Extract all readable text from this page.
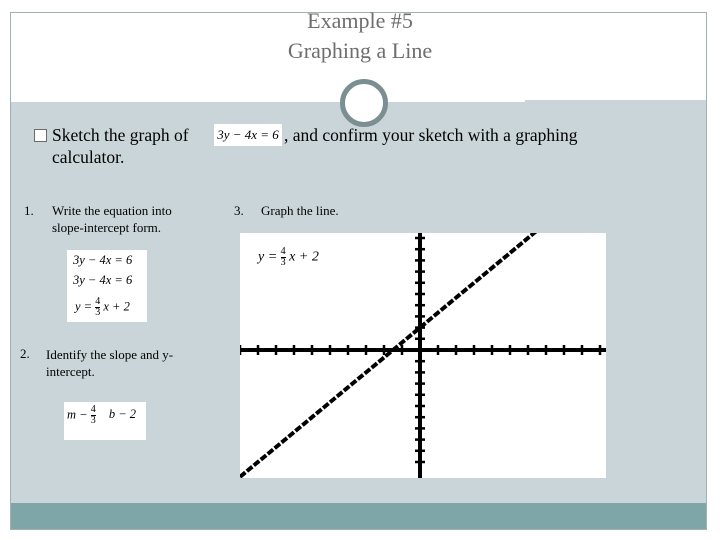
Example #5
Graphing a Line
Sketch the graph of 3y − 4x = 6 , and confirm your sketch with a graphing
calculator.
1. Write the equation into
slope-intercept form.
3y − 4x = 6
3y − 4x = 6
$y = \frac{4}{3}$ x + 2
2. Identify the slope and y-
intercept.
$m - \frac{4}{3}$ b − 2
3. Graph the line.
$y = \frac{4}{3}$ x + 2
